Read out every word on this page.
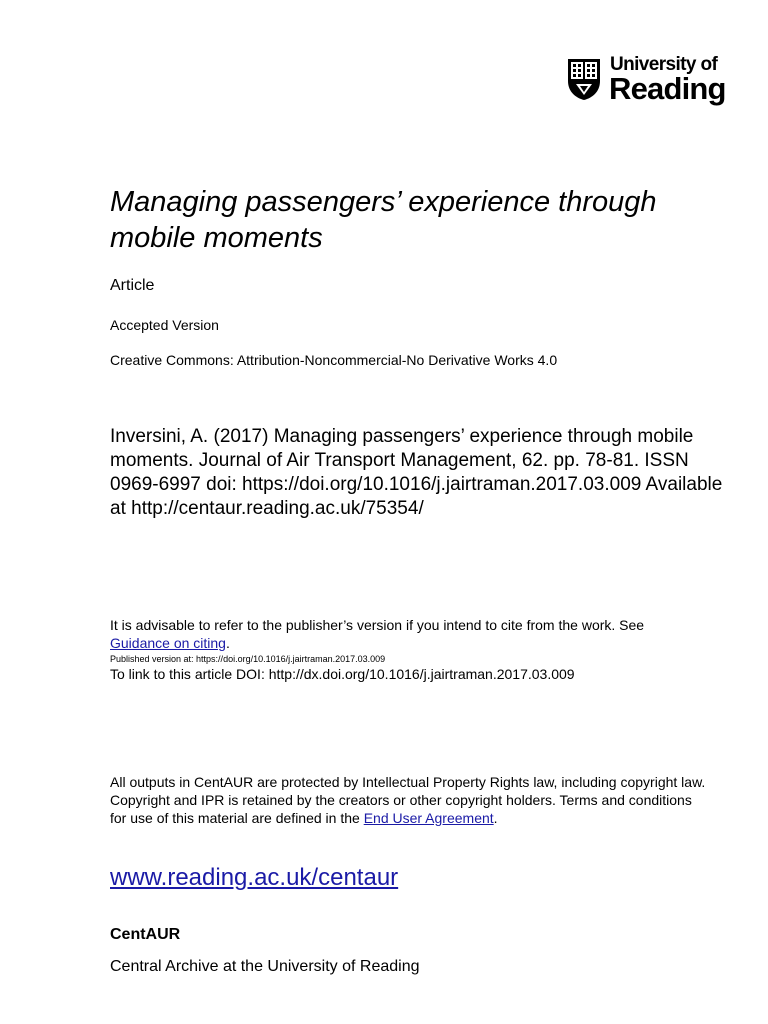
University of
Reading
Managing passengers’ experience through mobile moments
Article
Accepted Version
Creative Commons: Attribution-Noncommercial-No Derivative Works 4.0
Inversini, A. (2017) Managing passengers’ experience through mobile moments. Journal of Air Transport Management, 62. pp. 78-81. ISSN 0969-6997 doi: https://doi.org/10.1016/j.jairtraman.2017.03.009 Available at http://centaur.reading.ac.uk/75354/
It is advisable to refer to the publisher’s version if you intend to cite from the work. See Guidance on citing.
Published version at: https://doi.org/10.1016/j.jairtraman.2017.03.009
To link to this article DOI: http://dx.doi.org/10.1016/j.jairtraman.2017.03.009
All outputs in CentAUR are protected by Intellectual Property Rights law, including copyright law. Copyright and IPR is retained by the creators or other copyright holders. Terms and conditions for use of this material are defined in the End User Agreement.
www.reading.ac.uk/centaur
CentAUR
Central Archive at the University of Reading
